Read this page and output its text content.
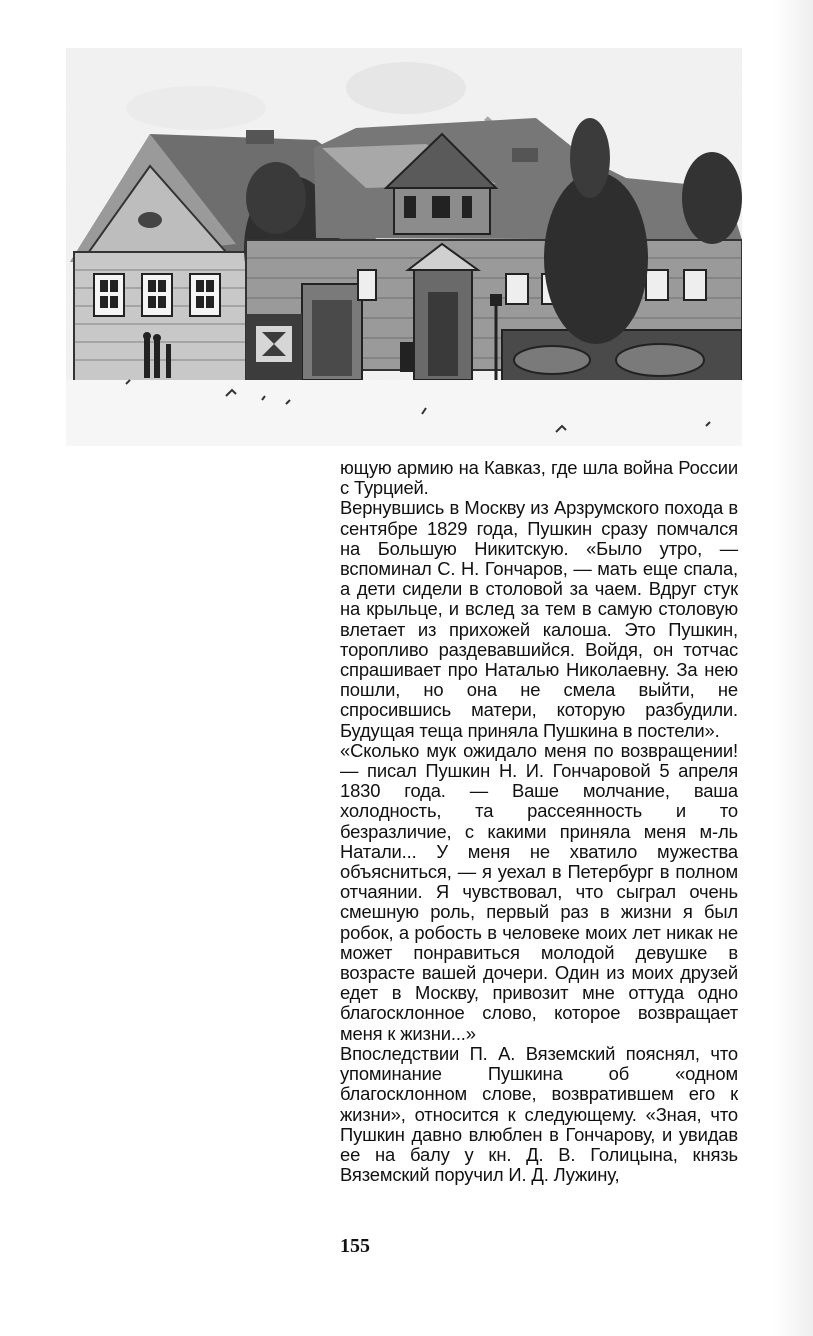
ющую армию на Кавказ, где шла война России с Турцией.

Вернувшись в Москву из Арзрумского похода в сентябре 1829 года, Пушкин сразу помчался на Большую Никитскую. «Было утро, — вспоминал С. Н. Гончаров, — мать еще спала, а дети сидели в столовой за чаем. Вдруг стук на крыльце, и вслед за тем в самую столовую влетает из прихожей калоша. Это Пушкин, торопливо раздевавшийся. Войдя, он тотчас спрашивает про Наталью Николаевну. За нею пошли, но она не смела выйти, не спросившись матери, которую разбудили. Будущая теща приняла Пушкина в постели».

«Сколько мук ожидало меня по возвращении! — писал Пушкин Н. И. Гончаровой 5 апреля 1830 года. — Ваше молчание, ваша холодность, та рассеянность и то безразличие, с какими приняла меня м-ль Натали... У меня не хватило мужества объясниться, — я уехал в Петербург в полном отчаянии. Я чувствовал, что сыграл очень смешную роль, первый раз в жизни я был робок, а робость в человеке моих лет никак не может понравиться молодой девушке в возрасте вашей дочери. Один из моих друзей едет в Москву, привозит мне оттуда одно благосклонное слово, которое возвращает меня к жизни...»

Впоследствии П. А. Вяземский пояснял, что упоминание Пушкина об «одном благосклонном слове, возвратившем его к жизни», относится к следующему. «Зная, что Пушкин давно влюблен в Гончарову, и увидав ее на балу у кн. Д. В. Голицына, князь Вяземский поручил И. Д. Лужину,

155
